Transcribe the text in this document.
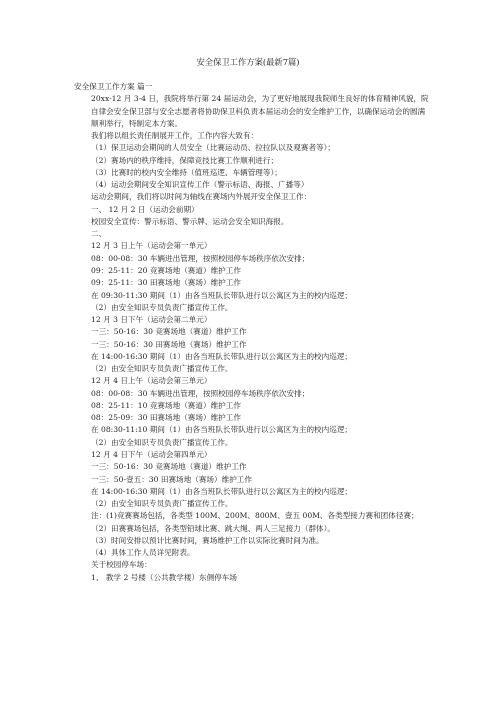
安全保卫工作方案(最新7篇)
安全保卫工作方案 篇一
20xx-12 月 3-4 日，我院将举行第 24 届运动会，为了更好地展现我院师生良好的体育精神风貌，院自律会安全保卫部与安全志愿者将协助保卫科负责本届运动会的安全维护工作，以确保运动会的圆满顺利举行，特制定本方案。
我们将以组长责任制展开工作，工作内容大致有：
（1）保卫运动会期间的人员安全（比赛运动员、拉拉队以及观赛者等）；
（2）赛场内的秩序维持，保障竞技比赛工作顺利进行；
（3）比赛时的校内安全维持（值班巡逻、车辆管理等）；
（4）运动会期间安全知识宣传工作（警示标语、海报、广播等）
运动会期间，我们将以时间为轴线在赛场内外展开安全保卫工作：
一、 12 月 2 日（运动会前期）
校园安全宣传：警示标语、警示牌、运动会安全知识海报。
二、
12 月 3 日上午（运动会第一单元）
08：00-08：30 车辆进出管理，按照校园停车场秩序依次安排；
09：25-11：20 竞赛场地（赛道）维护工作
09：25-11：30 田赛场地（赛场）维护工作
在 09:30-11:30 期间（1）由各当班队长带队进行以公寓区为主的校内巡逻；
（2）由安全知识专员负责广播宣传工作。
12 月 3 日下午（运动会第二单元）
一三：50-16：30 竞赛场地（赛道）维护工作
一三：50-16：30 田赛场地（赛场）维护工作
在 14:00-16:30 期间（1）由各当班队长带队进行以公寓区为主的校内巡逻；
（2）由安全知识专员负责广播宣传工作。
12 月 4 日上午（运动会第三单元）
08：00-08：30 车辆进出管理，按照校园停车场秩序依次安排；
08：25-11：10 竞赛场地（赛道）维护工作
08：25-09：30 田赛场地（赛场）维护工作
在 08:30-11:10 期间（1）由各当班队长带队进行以公寓区为主的校内巡逻；
（2）由安全知识专员负责广播宣传工作。
12 月 4 日下午（运动会第四单元）
一三：50-16：30 竞赛场地（赛道）维护工作
一三：50-壹五：30 田赛场地（赛场）维护工作
在 14:00-16:30 期间（1）由各当班队长带队进行以公寓区为主的校内巡逻；
（2）由安全知识专员负责广播宣传工作。
注：(1)竞赛赛场包括，各类型 100M、200M、800M、壹五 00M、各类型接力赛和团体径赛；
（2）田赛赛场包括，各类型铅球比赛、跳大绳、两人三足接力（群体）。
（3）时间安排以预计比赛时间，赛场维护工作以实际比赛时间为准。
（4）具体工作人员详见附表。
关于校园停车场：
1、 教学 2 号楼（公共教学楼）东侧停车场
